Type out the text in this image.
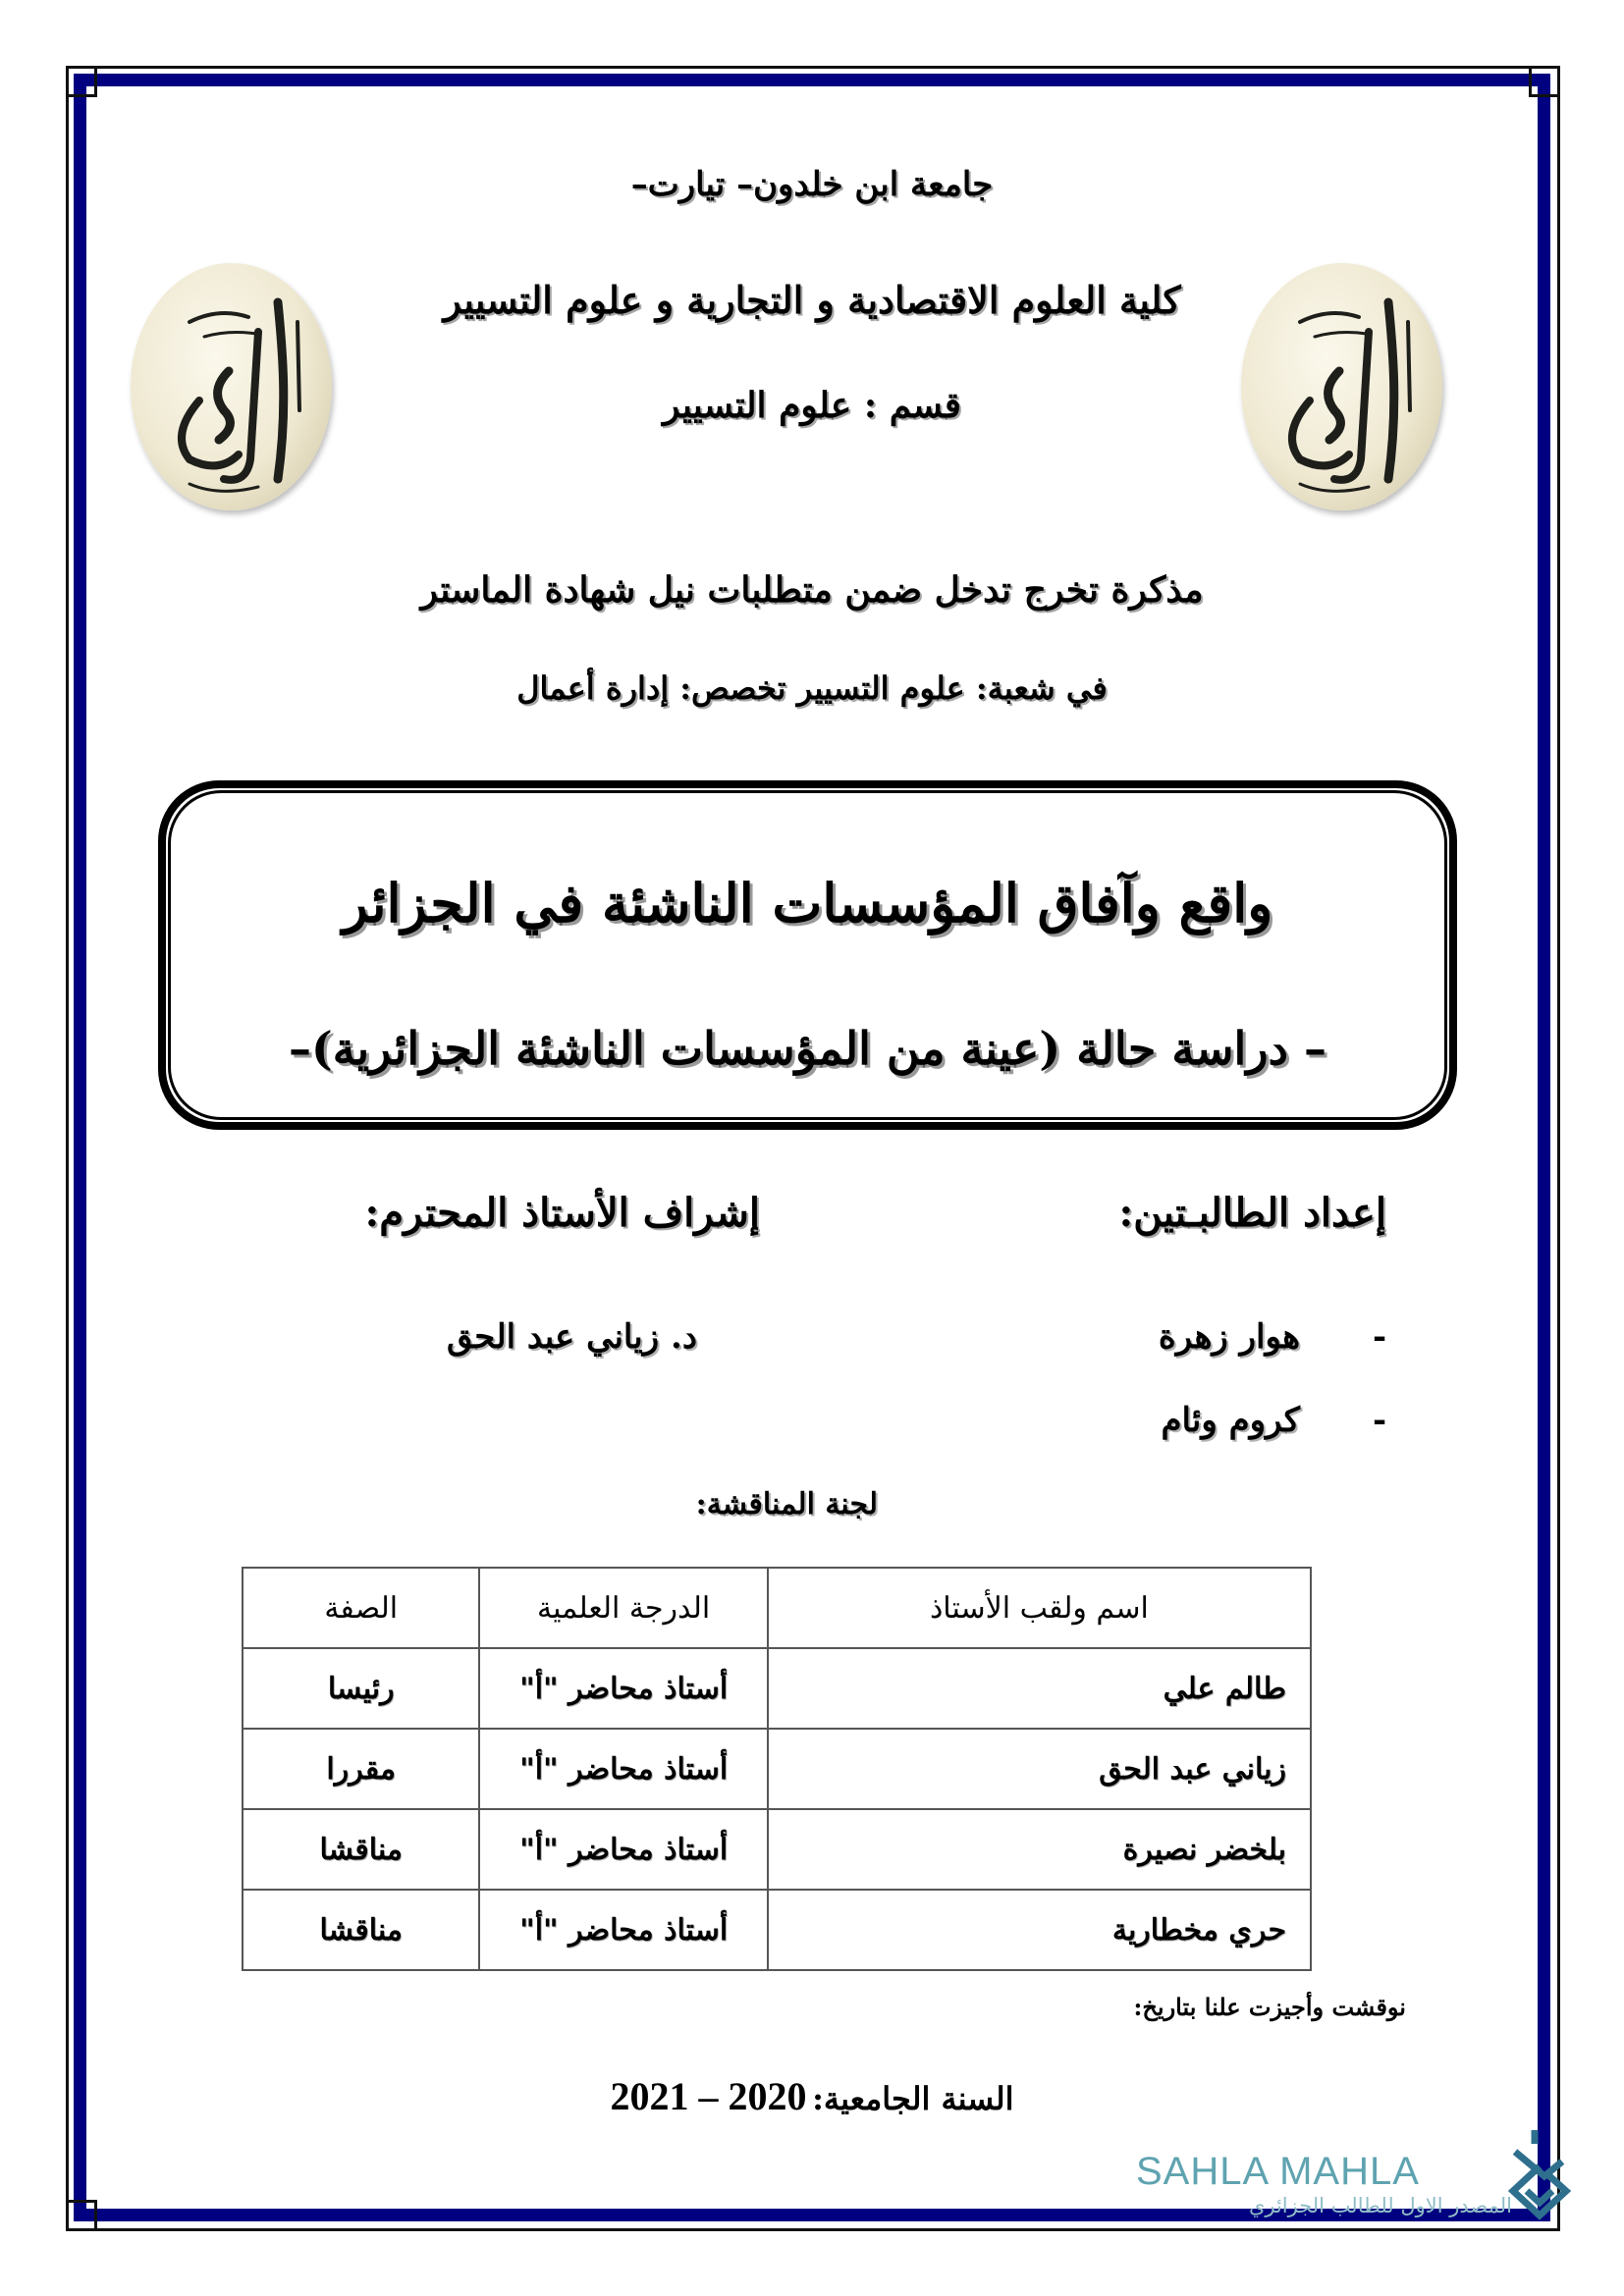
جامعة ابن خلدون– تيارت–
كلية العلوم الاقتصادية و التجارية و علوم التسيير
قسم : علوم التسيير
مذكرة تخرج تدخل ضمن متطلبات نيل شهادة الماستر
في شعبة: علوم التسيير تخصص: إدارة أعمال
واقع وآفاق المؤسسات الناشئة في الجزائر
– دراسة حالة (عينة من المؤسسات الناشئة الجزائرية)–
إعداد الطالبـتين:
إشراف الأستاذ المحترم:
-
هوار زهرة
-
كروم وئام
د. زياني عبد الحق
لجنة المناقشة:
اسم ولقب الأستاذ	الدرجة العلمية	الصفة
طالم علي	أستاذ محاضر "أ"	رئيسا
زياني عبد الحق	أستاذ محاضر "أ"	مقررا
بلخضر نصيرة	أستاذ محاضر "أ"	مناقشا
حري مخطارية	أستاذ محاضر "أ"	مناقشا
نوقشت وأجيزت علنا بتاريخ:
السنة الجامعية: 2021 – 2020
SAHLA MAHLA
المصدر الاول للطالب الجزائري
